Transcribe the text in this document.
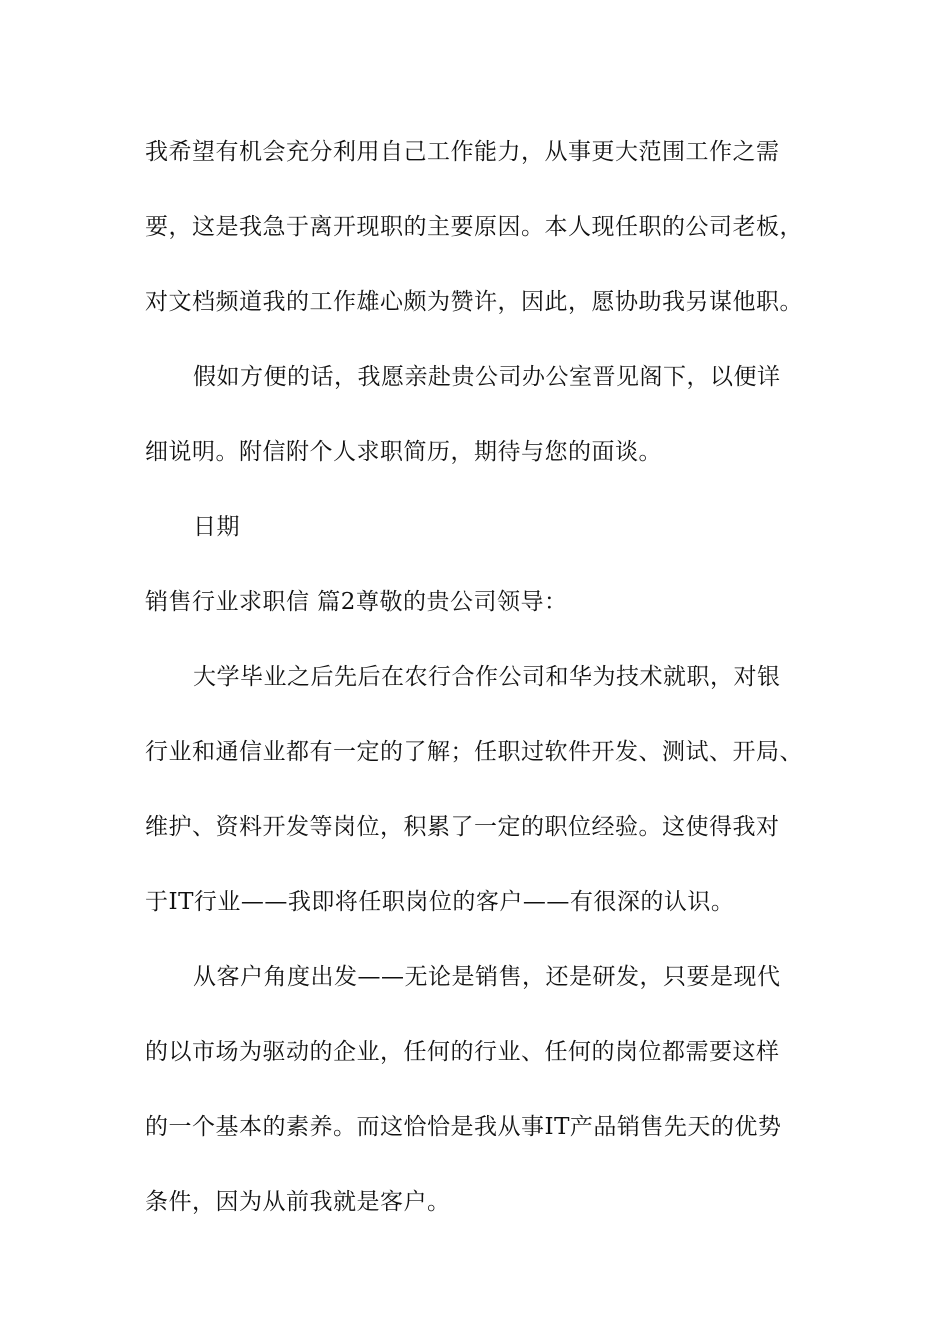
我希望有机会充分利用自己工作能力，从事更大范围工作之需
要，这是我急于离开现职的主要原因。本人现任职的公司老板，
对文档频道我的工作雄心颇为赞许，因此，愿协助我另谋他职。
假如方便的话，我愿亲赴贵公司办公室晋见阁下，以便详
细说明。附信附个人求职简历，期待与您的面谈。
日期
销售行业求职信 篇2尊敬的贵公司领导：
大学毕业之后先后在农行合作公司和华为技术就职，对银
行业和通信业都有一定的了解；任职过软件开发、测试、开局、
维护、资料开发等岗位，积累了一定的职位经验。这使得我对
于IT行业——我即将任职岗位的客户——有很深的认识。
从客户角度出发——无论是销售，还是研发，只要是现代
的以市场为驱动的企业，任何的行业、任何的岗位都需要这样
的一个基本的素养。而这恰恰是我从事IT产品销售先天的优势
条件，因为从前我就是客户。
